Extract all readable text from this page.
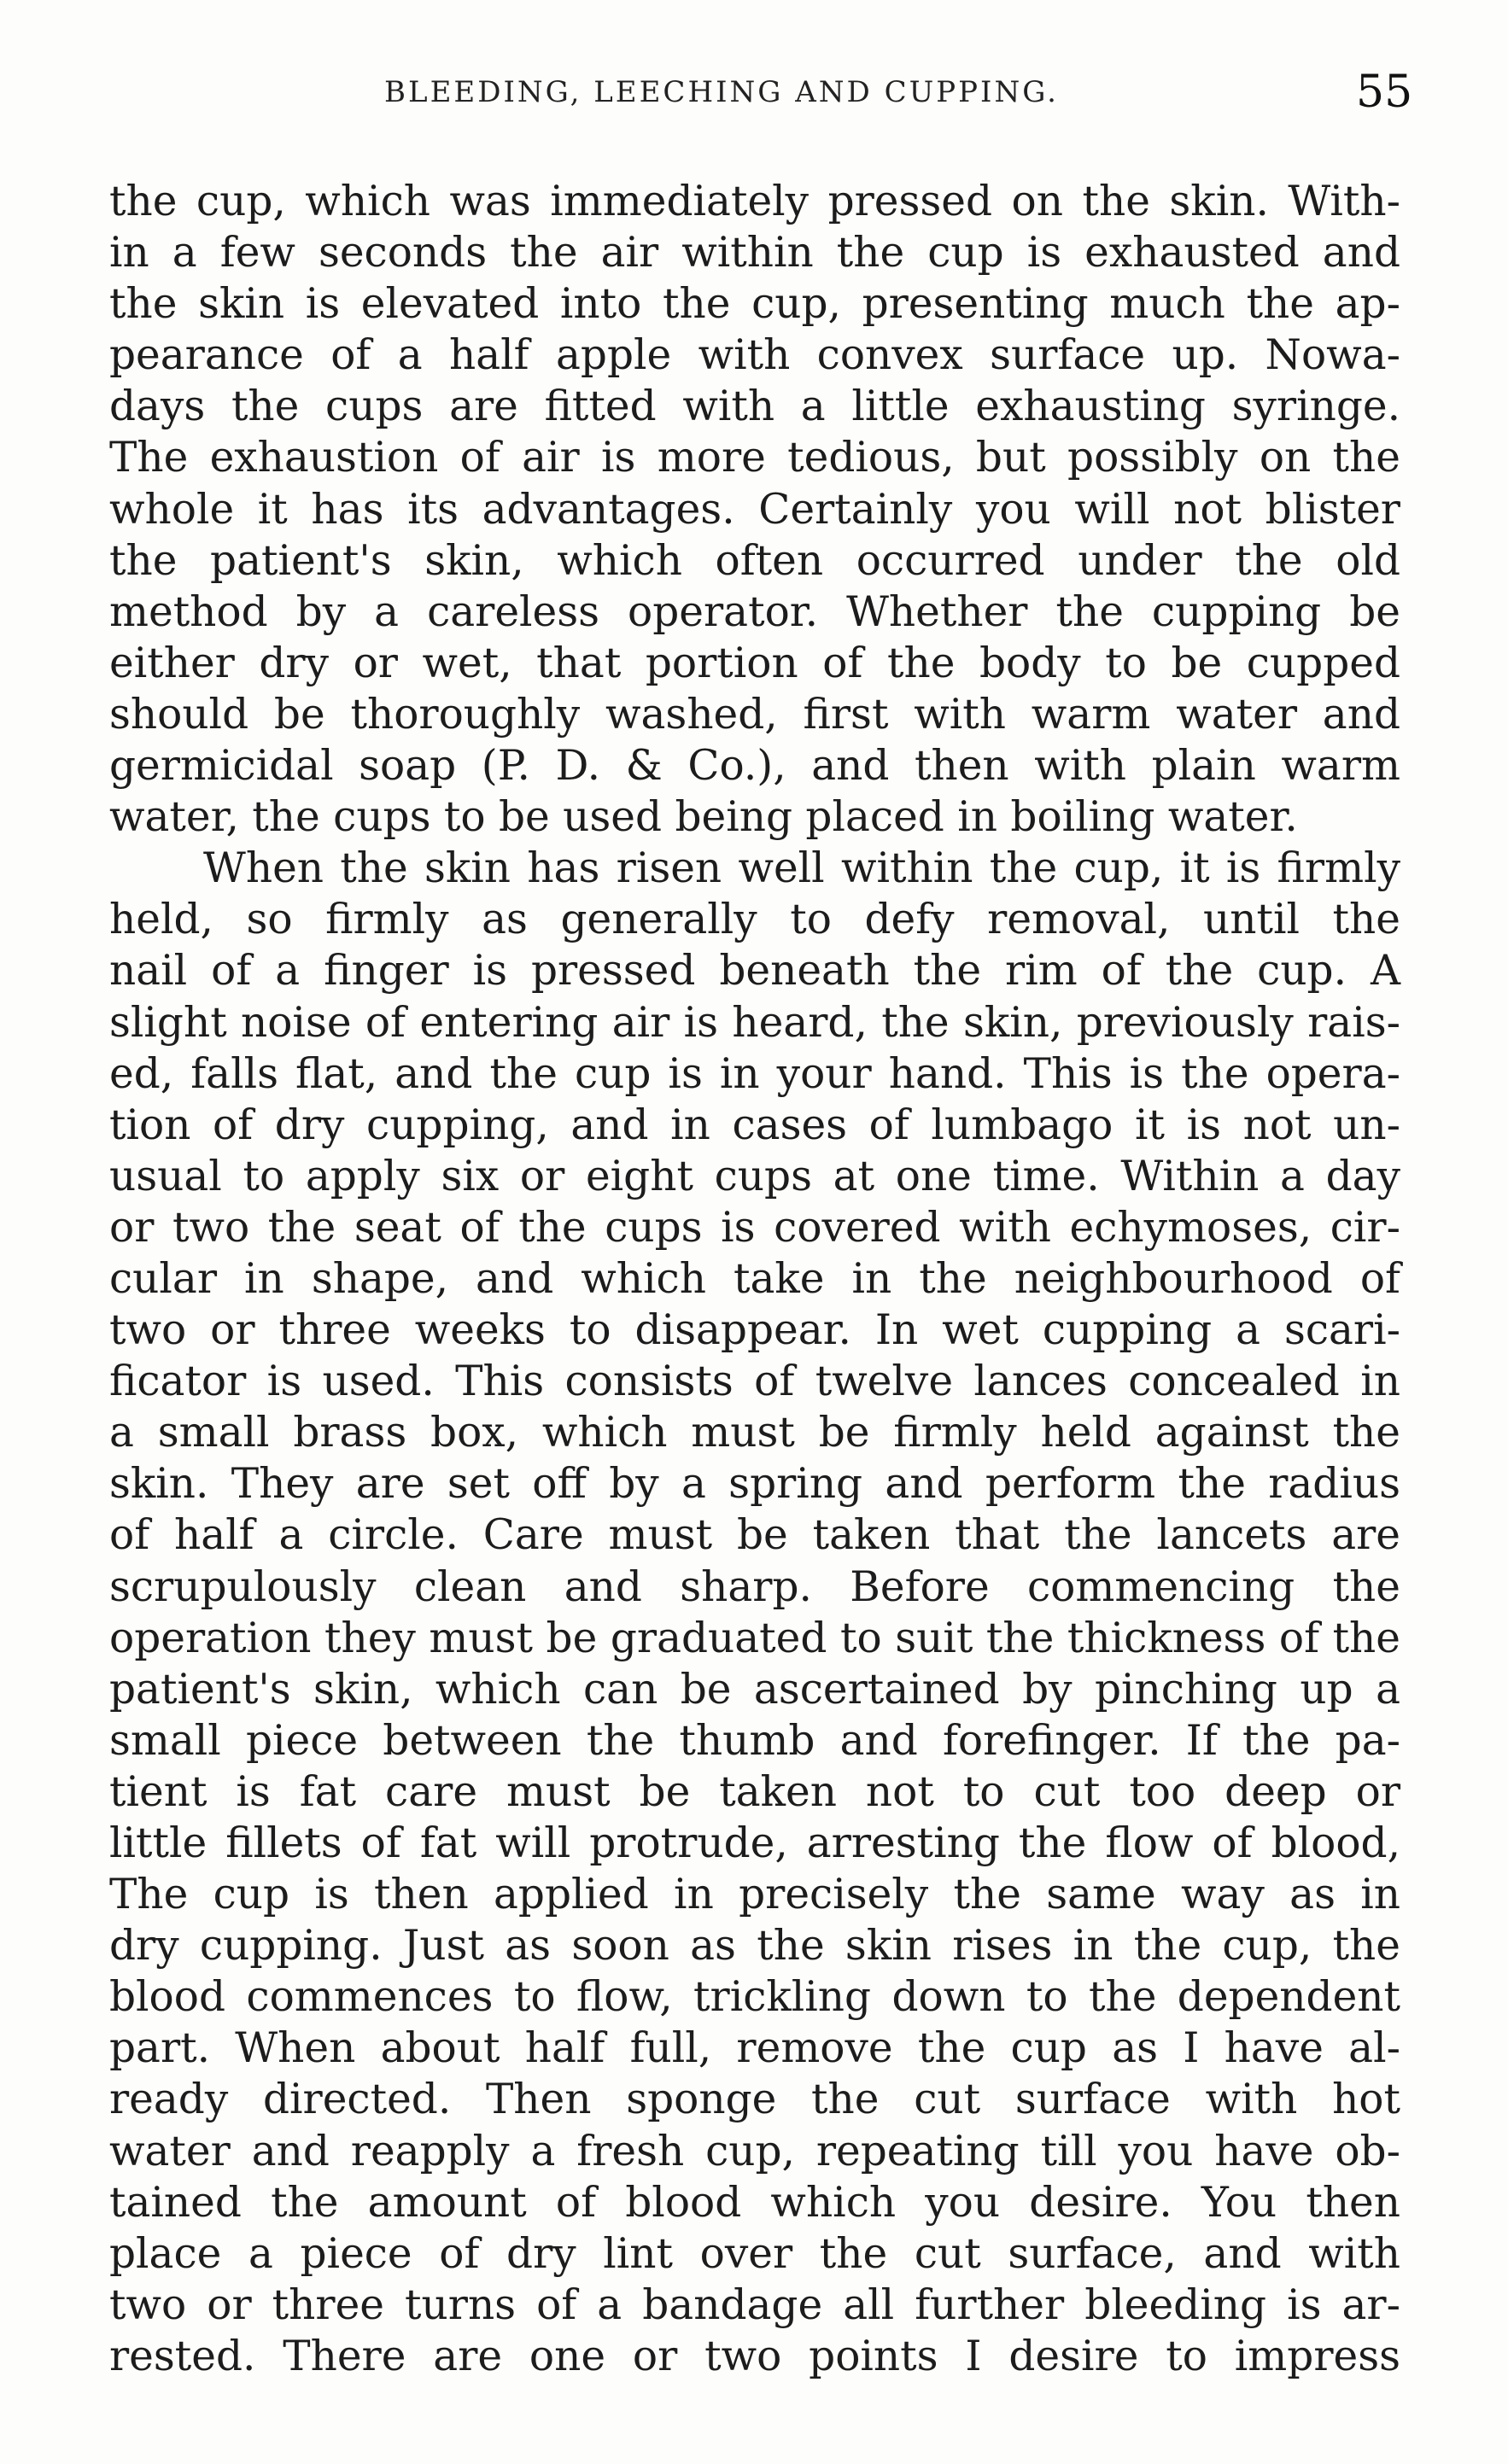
BLEEDING, LEECHING AND CUPPING.	55
the cup, which was immediately pressed on the skin. With-
in a few seconds the air within the cup is exhausted and
the skin is elevated into the cup, presenting much the ap-
pearance of a half apple with convex surface up. Nowa-
days the cups are fitted with a little exhausting syringe.
The exhaustion of air is more tedious, but possibly on the
whole it has its advantages. Certainly you will not blister
the patient's skin, which often occurred under the old
method by a careless operator. Whether the cupping be
either dry or wet, that portion of the body to be cupped
should be thoroughly washed, first with warm water and
germicidal soap (P. D. & Co.), and then with plain warm
water, the cups to be used being placed in boiling water.
When the skin has risen well within the cup, it is firmly
held, so firmly as generally to defy removal, until the
nail of a finger is pressed beneath the rim of the cup. A
slight noise of entering air is heard, the skin, previously rais-
ed, falls flat, and the cup is in your hand. This is the opera-
tion of dry cupping, and in cases of lumbago it is not un-
usual to apply six or eight cups at one time. Within a day
or two the seat of the cups is covered with echymoses, cir-
cular in shape, and which take in the neighbourhood of
two or three weeks to disappear. In wet cupping a scari-
ficator is used. This consists of twelve lances concealed in
a small brass box, which must be firmly held against the
skin. They are set off by a spring and perform the radius
of half a circle. Care must be taken that the lancets are
scrupulously clean and sharp. Before commencing the
operation they must be graduated to suit the thickness of the
patient's skin, which can be ascertained by pinching up a
small piece between the thumb and forefinger. If the pa-
tient is fat care must be taken not to cut too deep or
little fillets of fat will protrude, arresting the flow of blood,
The cup is then applied in precisely the same way as in
dry cupping. Just as soon as the skin rises in the cup, the
blood commences to flow, trickling down to the dependent
part. When about half full, remove the cup as I have al-
ready directed. Then sponge the cut surface with hot
water and reapply a fresh cup, repeating till you have ob-
tained the amount of blood which you desire. You then
place a piece of dry lint over the cut surface, and with
two or three turns of a bandage all further bleeding is ar-
rested. There are one or two points I desire to impress
